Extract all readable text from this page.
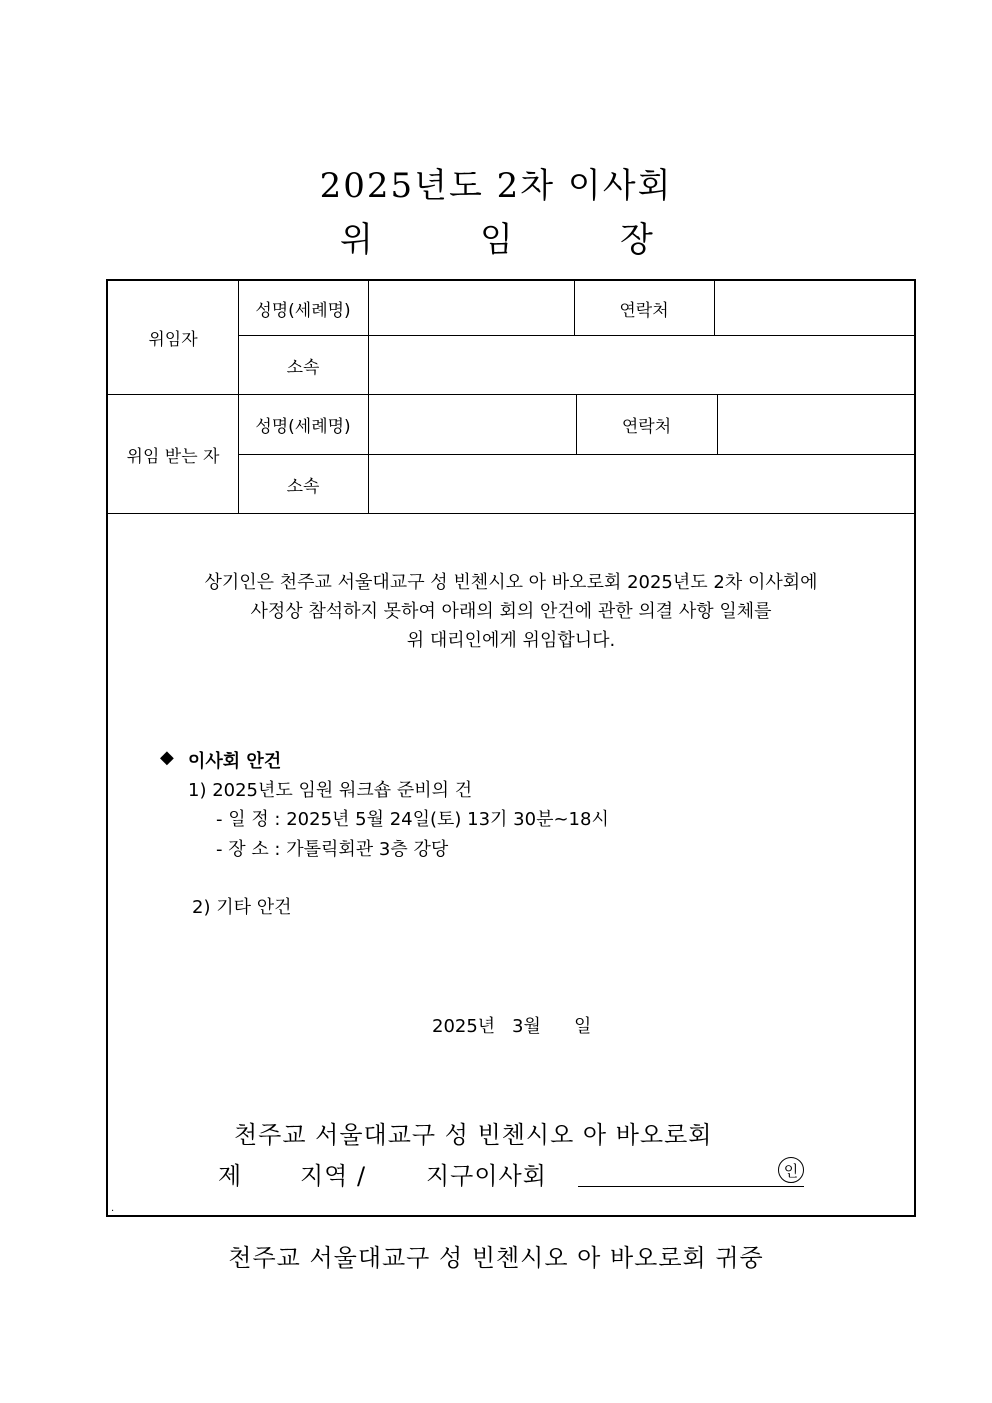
2025년도 2차 이사회
위	임	장
위임자
성명(세례명)	연락처
소속
위임 받는 자
성명(세례명)	연락처
소속
상기인은 천주교 서울대교구 성 빈첸시오 아 바오로회 2025년도 2차 이사회에
사정상 참석하지 못하여 아래의 회의 안건에 관한 의결 사항 일체를
위 대리인에게 위임합니다.
◆ 이사회 안건
1) 2025년도 임원 워크숍 준비의 건
- 일 정 : 2025년 5월 24일(토) 13기 30분~18시
- 장 소 : 가톨릭회관 3층 강당
2) 기타 안건
2025년 3월 일
천주교 서울대교구 성 빈첸시오 아 바오로회
제 지역 / 지구이사회	인
.
천주교 서울대교구 성 빈첸시오 아 바오로회 귀중
